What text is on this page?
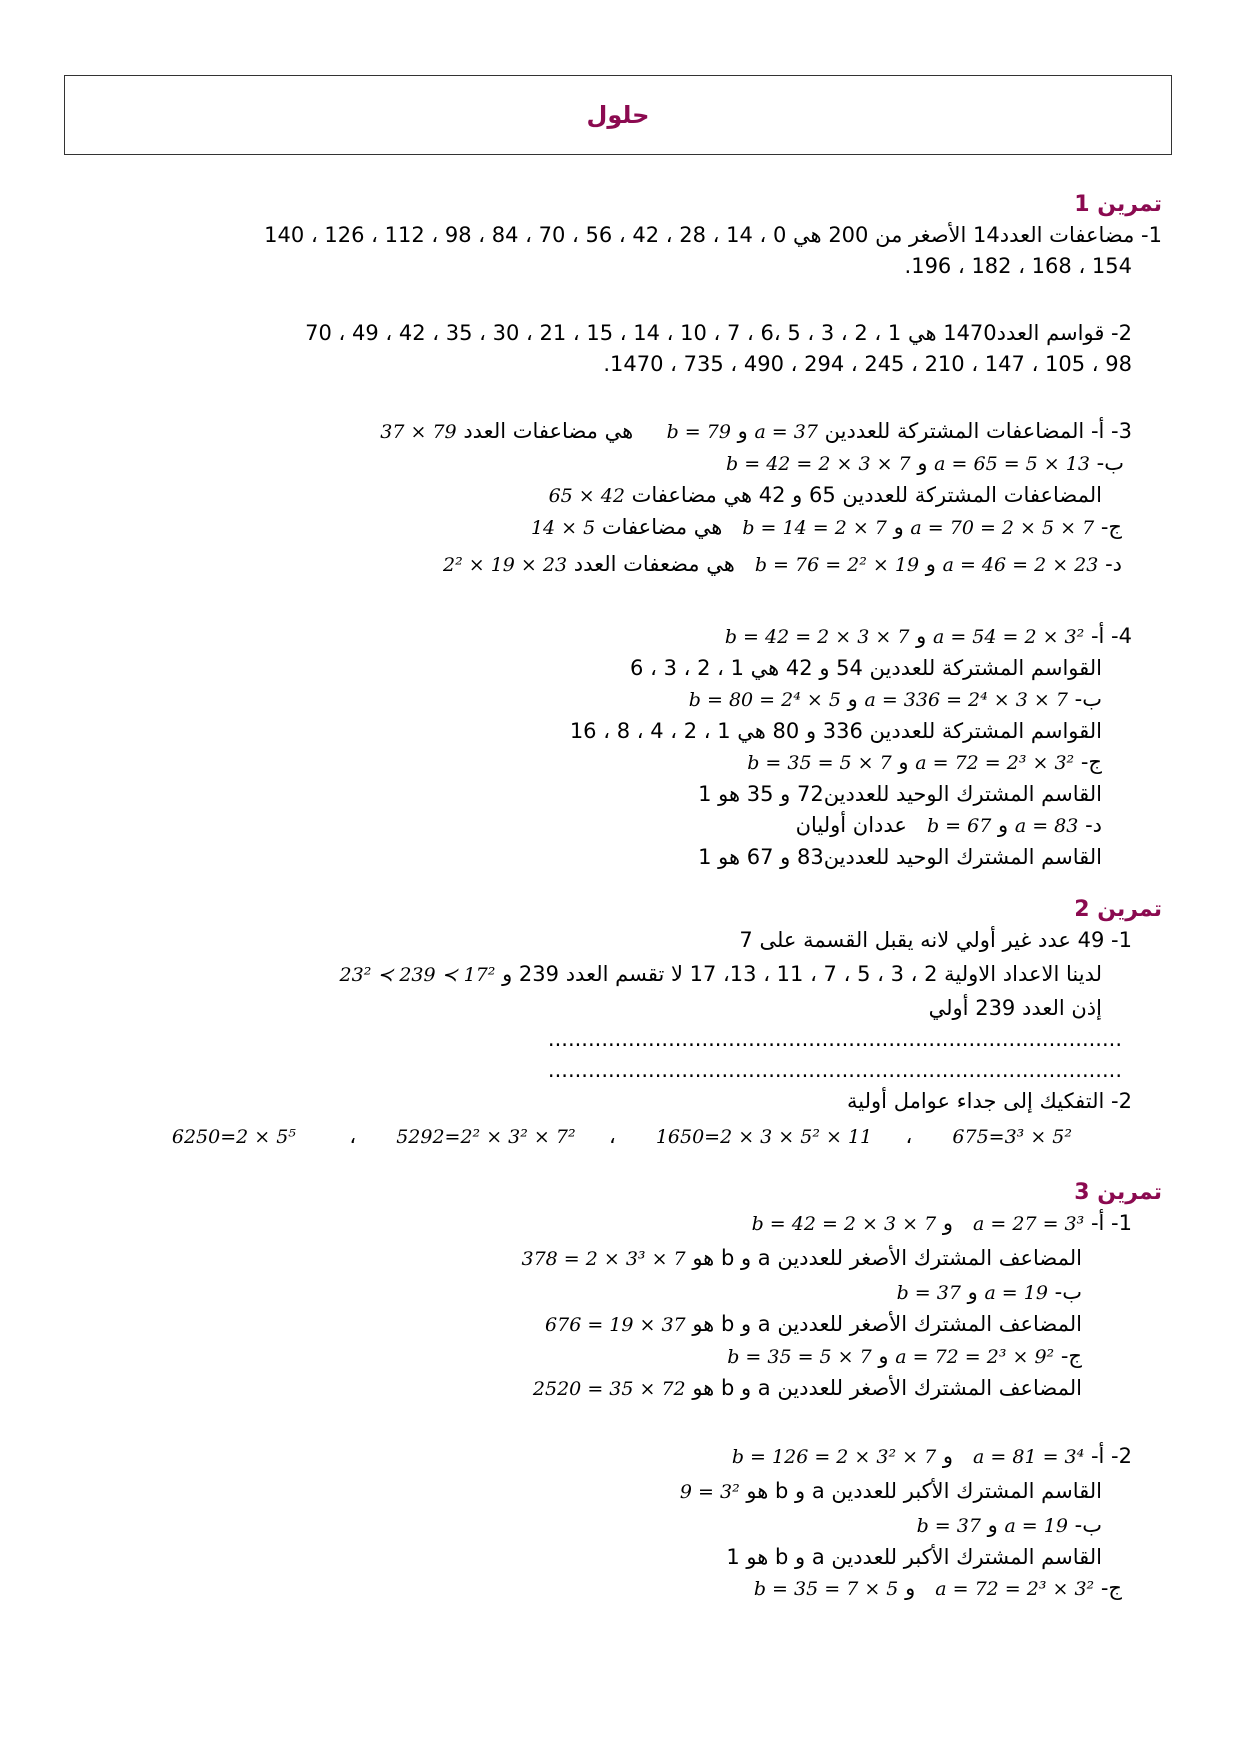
حلول
تمرين 1
1- مضاعفات العدد14 الأصغر من 200 هي 0 ، 14 ، 28 ، 42 ، 56 ، 70 ، 84 ، 98 ، 112 ، 126 ، 140
154 ، 168 ، 182 ، 196.
2- قواسم العدد1470 هي 1 ، 2 ، 3 ، 5 ،6 ، 7 ، 10 ، 14 ، 15 ، 21 ، 30 ، 35 ، 42 ، 49 ، 70
98 ، 105 ، 147 ، 210 ، 245 ، 294 ، 490 ، 735 ، 1470.
3- أ- المضاعفات المشتركة للعددين a = 37 و b = 79     هي مضاعفات العدد 37 × 79
ب- a = 65 = 5 × 13 و b = 42 = 2 × 3 × 7
المضاعفات المشتركة للعددين 65 و 42 هي مضاعفات 65 × 42
ج- a = 70 = 2 × 5 × 7 و b = 14 = 2 × 7   هي مضاعفات 14 × 5
د- a = 46 = 2 × 23 و b = 76 = 2² × 19   هي مضعفات العدد 2² × 19 × 23
4- أ- a = 54 = 2 × 3² و b = 42 = 2 × 3 × 7
القواسم المشتركة للعددين 54 و 42 هي 1 ، 2 ، 3 ، 6
ب- a = 336 = 2⁴ × 3 × 7 و b = 80 = 2⁴ × 5
القواسم المشتركة للعددين 336 و 80 هي 1 ، 2 ، 4 ، 8 ، 16
ج- a = 72 = 2³ × 3² و b = 35 = 5 × 7
القاسم المشترك الوحيد للعددين72 و 35 هو 1
د- a = 83 و b = 67   عددان أوليان
القاسم المشترك الوحيد للعددين83 و 67 هو 1
تمرين 2
1- 49 عدد غير أولي لانه يقبل القسمة على 7
لدينا الاعداد الاولية 2 ، 3 ، 5 ، 7 ، 11 ، 13، 17 لا تقسم العدد 239 و 23² ≺ 239 ≺ 17²
إذن العدد 239 أولي
......................................................................................
......................................................................................
2- التفكيك إلى جداء عوامل أولية
675=3³ × 5²      ،     1650=2 × 3 × 5² × 11      ،     5292=2² × 3² × 7²      ،        6250=2 × 5⁵
تمرين 3
1- أ- a = 27 = 3³   و b = 42 = 2 × 3 × 7
المضاعف المشترك الأصغر للعددين a و b هو 378 = 2 × 3³ × 7
ب- a = 19 و b = 37
المضاعف المشترك الأصغر للعددين a و b هو 676 = 19 × 37
ج- a = 72 = 2³ × 9² و b = 35 = 5 × 7
المضاعف المشترك الأصغر للعددين a و b هو 2520 = 35 × 72
2- أ- a = 81 = 3⁴   و b = 126 = 2 × 3² × 7
القاسم المشترك الأكبر للعددين a و b هو 9 = 3²
ب- a = 19 و b = 37
القاسم المشترك الأكبر للعددين a و b هو 1
ج- a = 72 = 2³ × 3²   و b = 35 = 7 × 5
